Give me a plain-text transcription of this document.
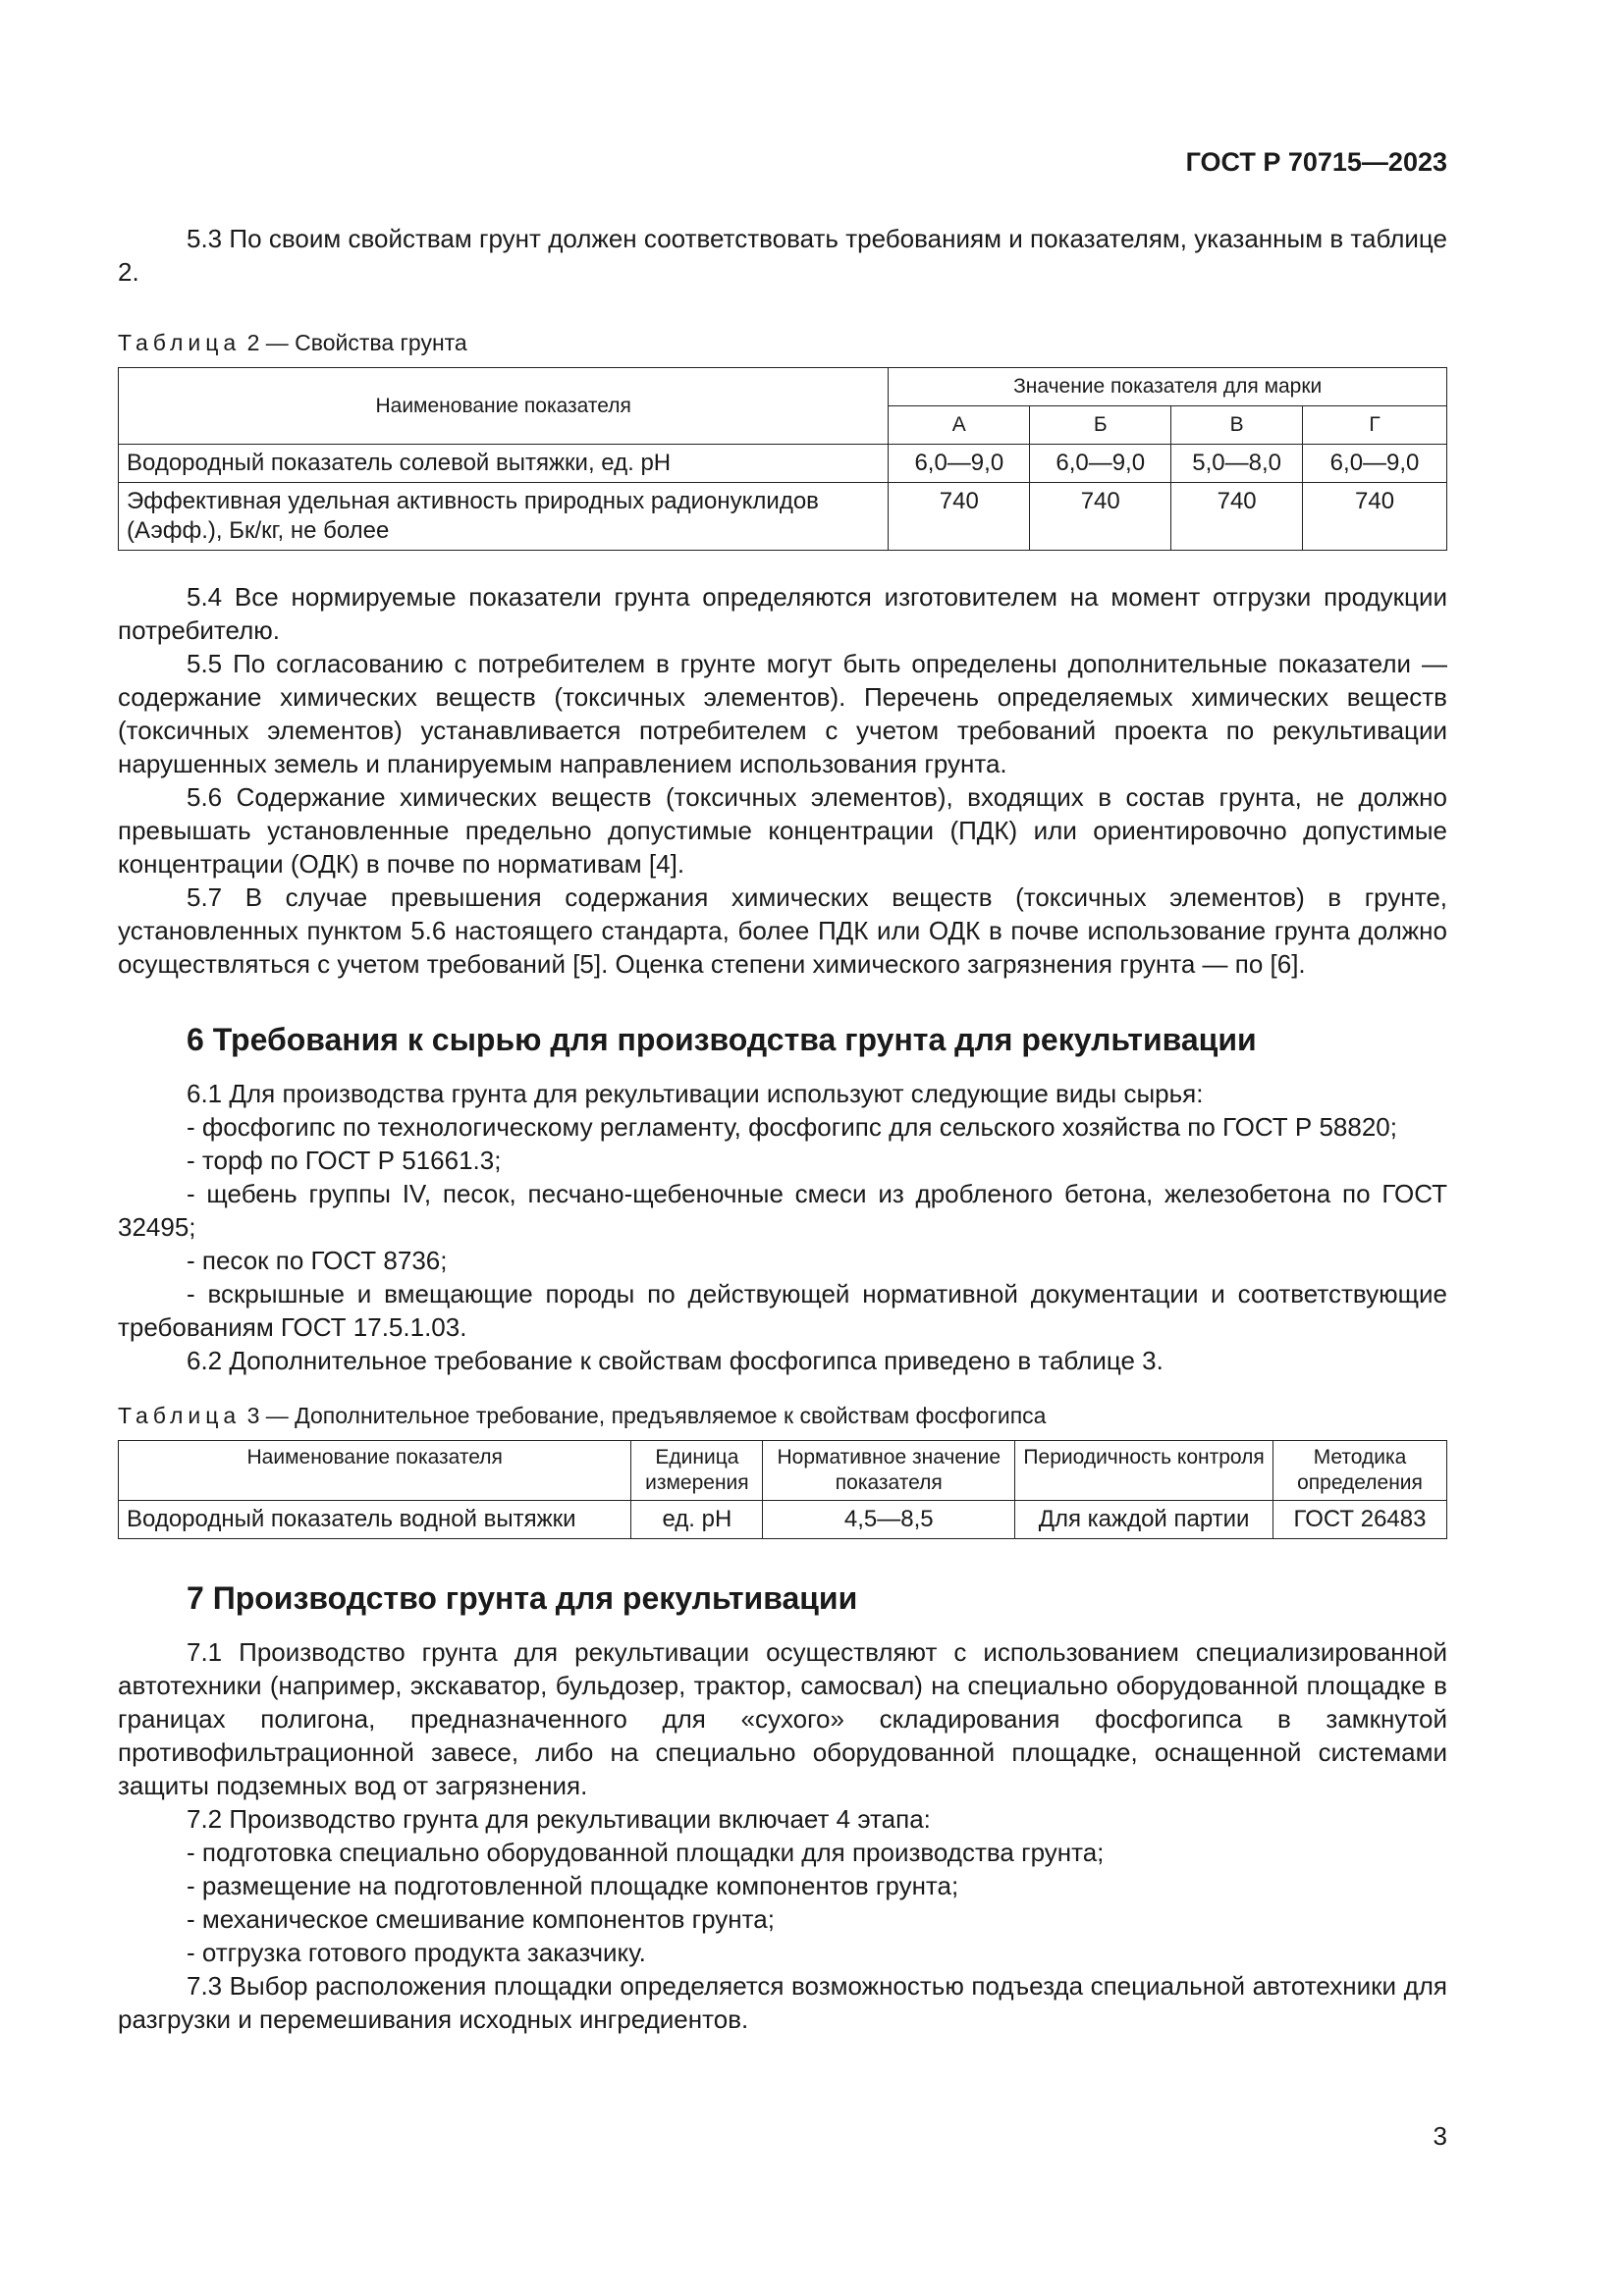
ГОСТ Р 70715—2023

5.3 По своим свойствам грунт должен соответствовать требованиям и показателям, указанным в таблице 2.

Таблица 2 — Свойства грунта
Наименование показателя	Значение показателя для марки			
	А	Б	В	Г
Водородный показатель солевой вытяжки, ед. pH	6,0—9,0	6,0—9,0	5,0—8,0	6,0—9,0
Эффективная удельная активность природных радионуклидов (Аэфф.), Бк/кг, не более	740	740	740	740

5.4 Все нормируемые показатели грунта определяются изготовителем на момент отгрузки продукции потребителю.

5.5 По согласованию с потребителем в грунте могут быть определены дополнительные показатели — содержание химических веществ (токсичных элементов). Перечень определяемых химических веществ (токсичных элементов) устанавливается потребителем с учетом требований проекта по рекультивации нарушенных земель и планируемым направлением использования грунта.

5.6 Содержание химических веществ (токсичных элементов), входящих в состав грунта, не должно превышать установленные предельно допустимые концентрации (ПДК) или ориентировочно допустимые концентрации (ОДК) в почве по нормативам [4].

5.7 В случае превышения содержания химических веществ (токсичных элементов) в грунте, установленных пунктом 5.6 настоящего стандарта, более ПДК или ОДК в почве использование грунта должно осуществляться с учетом требований [5]. Оценка степени химического загрязнения грунта — по [6].

6 Требования к сырью для производства грунта для рекультивации

6.1 Для производства грунта для рекультивации используют следующие виды сырья:

- фосфогипс по технологическому регламенту, фосфогипс для сельского хозяйства по ГОСТ Р 58820;

- торф по ГОСТ Р 51661.3;

- щебень группы IV, песок, песчано-щебеночные смеси из дробленого бетона, железобетона по ГОСТ 32495;

- песок по ГОСТ 8736;

- вскрышные и вмещающие породы по действующей нормативной документации и соответствующие требованиям ГОСТ 17.5.1.03.

6.2 Дополнительное требование к свойствам фосфогипса приведено в таблице 3.

Таблица 3 — Дополнительное требование, предъявляемое к свойствам фосфогипса
Наименование показателя	Единица измерения	Нормативное значение показателя	Периодичность контроля	Методика определения
Водородный показатель водной вытяжки	ед. pH	4,5—8,5	Для каждой партии	ГОСТ 26483
7 Производство грунта для рекультивации

7.1 Производство грунта для рекультивации осуществляют с использованием специализированной автотехники (например, экскаватор, бульдозер, трактор, самосвал) на специально оборудованной площадке в границах полигона, предназначенного для «сухого» складирования фосфогипса в замкнутой противофильтрационной завесе, либо на специально оборудованной площадке, оснащенной системами защиты подземных вод от загрязнения.

7.2 Производство грунта для рекультивации включает 4 этапа:

- подготовка специально оборудованной площадки для производства грунта;

- размещение на подготовленной площадке компонентов грунта;

- механическое смешивание компонентов грунта;

- отгрузка готового продукта заказчику.

7.3 Выбор расположения площадки определяется возможностью подъезда специальной автотехники для разгрузки и перемешивания исходных ингредиентов.

3
